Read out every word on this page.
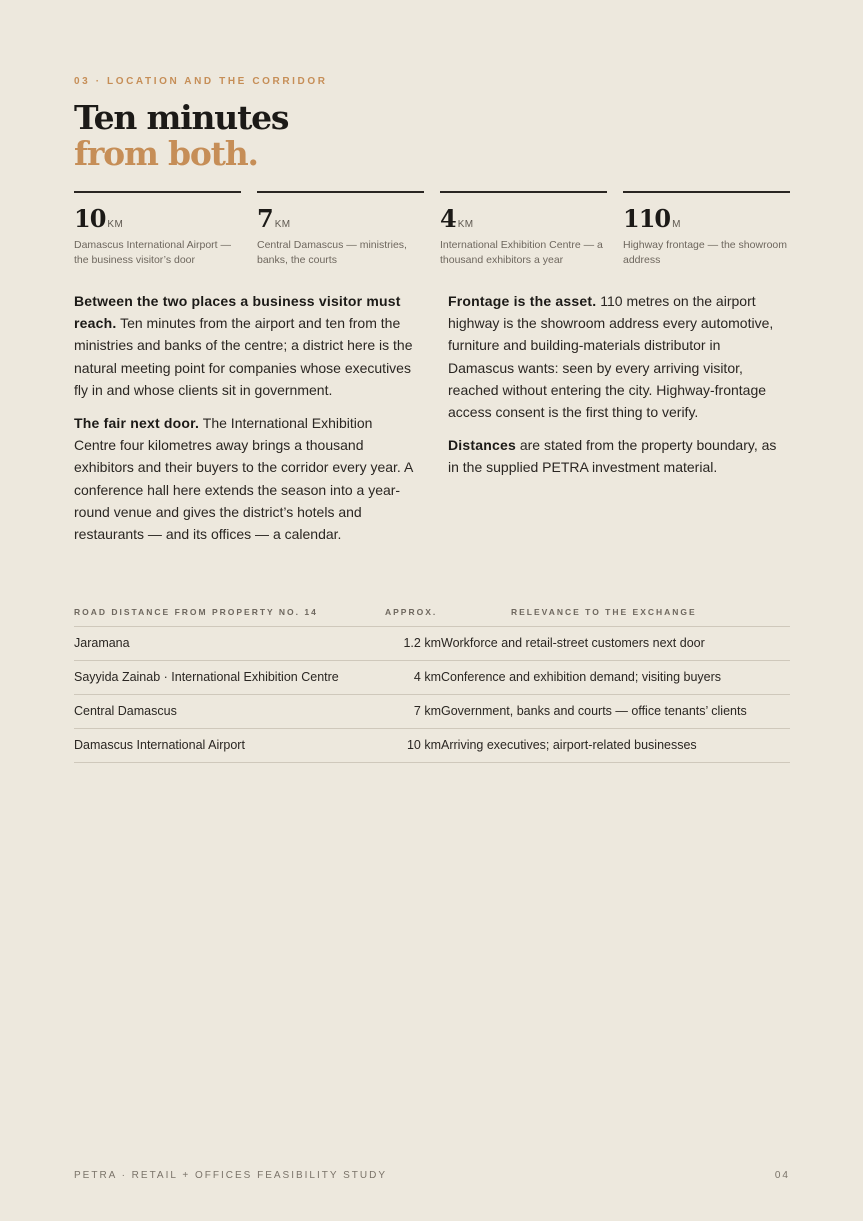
03 · LOCATION AND THE CORRIDOR
Ten minutes
from both.
10 KM
Damascus International Airport — the business visitor’s door
7 KM
Central Damascus — ministries, banks, the courts
4 KM
International Exhibition Centre — a thousand exhibitors a year
110 M
Highway frontage — the showroom address

Between the two places a business visitor must reach. Ten minutes from the airport and ten from the ministries and banks of the centre; a district here is the natural meeting point for companies whose executives fly in and whose clients sit in government.

The fair next door. The International Exhibition Centre four kilometres away brings a thousand exhibitors and their buyers to the corridor every year. A conference hall here extends the season into a year-round venue and gives the district’s hotels and restaurants — and its offices — a calendar.

Frontage is the asset. 110 metres on the airport highway is the showroom address every automotive, furniture and building-materials distributor in Damascus wants: seen by every arriving visitor, reached without entering the city. Highway-frontage access consent is the first thing to verify.

Distances are stated from the property boundary, as in the supplied PETRA investment material.

ROAD DISTANCE FROM PROPERTY NO. 14	APPROX.	RELEVANCE TO THE EXCHANGE
Jaramana	1.2 km Workforce and retail-street customers next door
Sayyida Zainab · International Exhibition Centre	4 km Conference and exhibition demand; visiting buyers
Central Damascus	7 km Government, banks and courts — office tenants’ clients
Damascus International Airport	10 km Arriving executives; airport-related businesses
PETRA · RETAIL + OFFICES FEASIBILITY STUDY	04
